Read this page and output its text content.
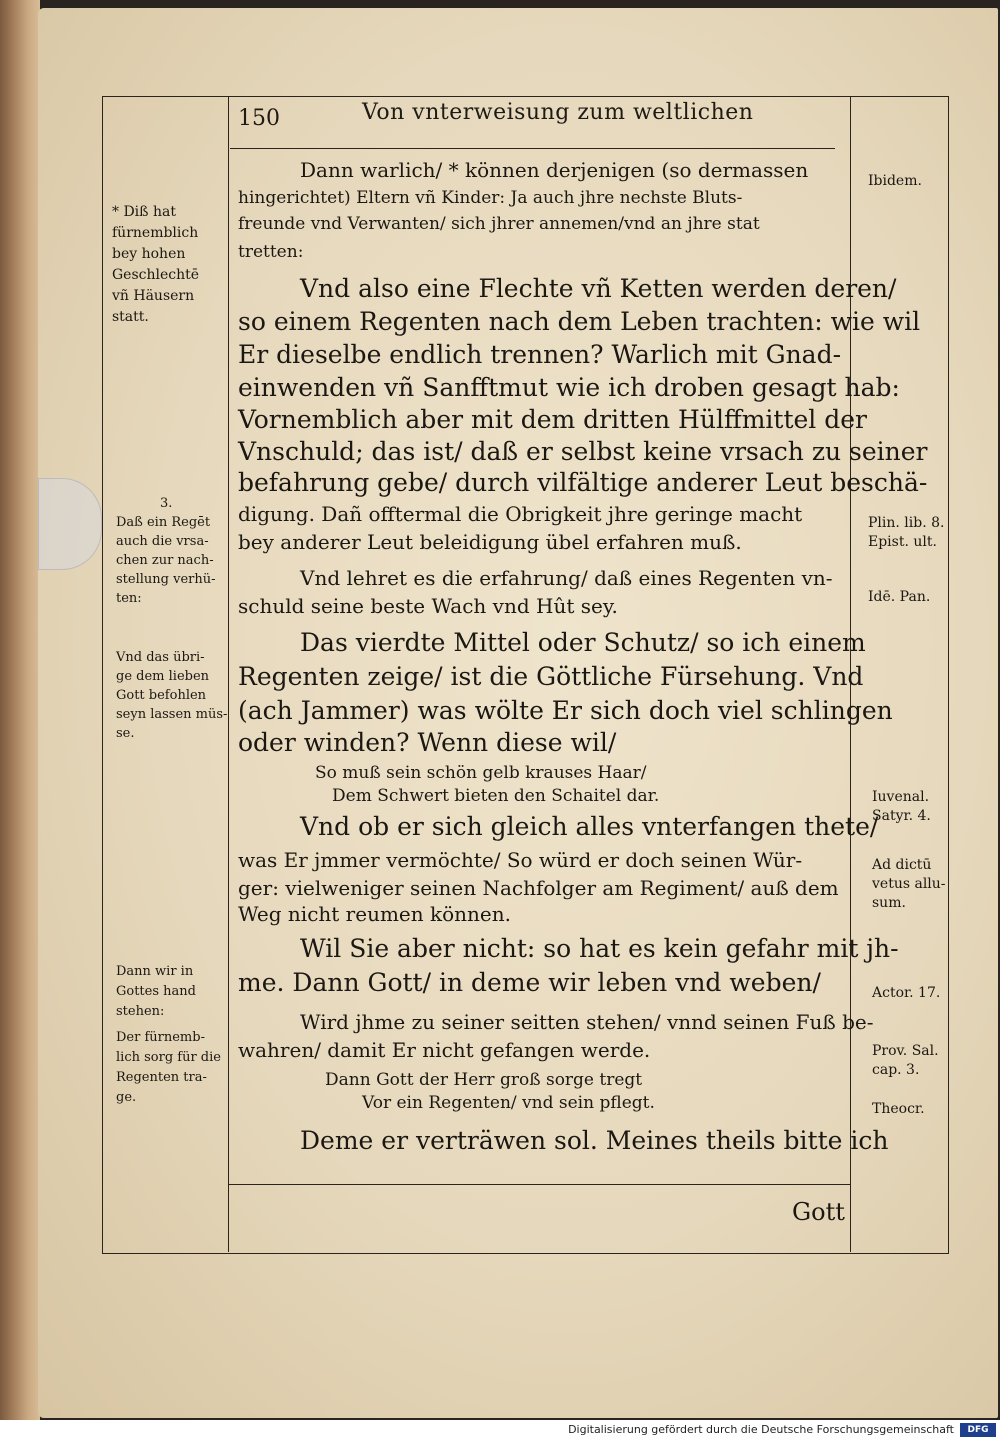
150	Von vnterweisung zum weltlichen
Dann warlich/ * können derjenigen (so dermassen
hingerichtet) Eltern vñ Kinder: Ja auch jhre nechste Bluts-
freunde vnd Verwanten/ sich jhrer annemen/vnd an jhre stat
tretten:
Vnd also eine Flechte vñ Ketten werden deren/
so einem Regenten nach dem Leben trachten: wie wil
Er dieselbe endlich trennen? Warlich mit Gnad-
einwenden vñ Sanfftmut wie ich droben gesagt hab:
Vornemblich aber mit dem dritten Hülffmittel der
Vnschuld; das ist/ daß er selbst keine vrsach zu seiner
befahrung gebe/ durch vilfältige anderer Leut beschä-
digung. Dañ offtermal die Obrigkeit jhre geringe macht
bey anderer Leut beleidigung übel erfahren muß.
Vnd lehret es die erfahrung/ daß eines Regenten vn-
schuld seine beste Wach vnd Hût sey.
Das vierdte Mittel oder Schutz/ so ich einem
Regenten zeige/ ist die Göttliche Fürsehung. Vnd
(ach Jammer) was wölte Er sich doch viel schlingen
oder winden? Wenn diese wil/
So muß sein schön gelb krauses Haar/
Dem Schwert bieten den Schaitel dar.
Vnd ob er sich gleich alles vnterfangen thete/
was Er jmmer vermöchte/ So würd er doch seinen Wür-
ger: vielweniger seinen Nachfolger am Regiment/ auß dem
Weg nicht reumen können.
Wil Sie aber nicht: so hat es kein gefahr mit jh-
me. Dann Gott/ in deme wir leben vnd weben/
Wird jhme zu seiner seitten stehen/ vnnd seinen Fuß be-
wahren/ damit Er nicht gefangen werde.
Dann Gott der Herr groß sorge tregt
Vor ein Regenten/ vnd sein pflegt.
Deme er verträwen sol. Meines theils bitte ich
Gott
* Diß hat
fürnemblich
bey hohen
Geschlechtē
vñ Häusern
statt.
3.
Daß ein Regēt
auch die vrsa-
chen zur nach-
stellung verhü-
ten:
Vnd das übri-
ge dem lieben
Gott befohlen
seyn lassen müs-
se.
Dann wir in
Gottes hand
stehen:
Der fürnemb-
lich sorg für die
Regenten tra-
ge.
Ibidem.
Plin. lib. 8.
Epist. ult.
Idē. Pan.
Iuvenal.
Satyr. 4.
Ad dictū
vetus allu-
sum.
Actor. 17.
Prov. Sal.
cap. 3.
Theocr.
Digitalisierung gefördert durch die Deutsche Forschungsgemeinschaft	DFG
